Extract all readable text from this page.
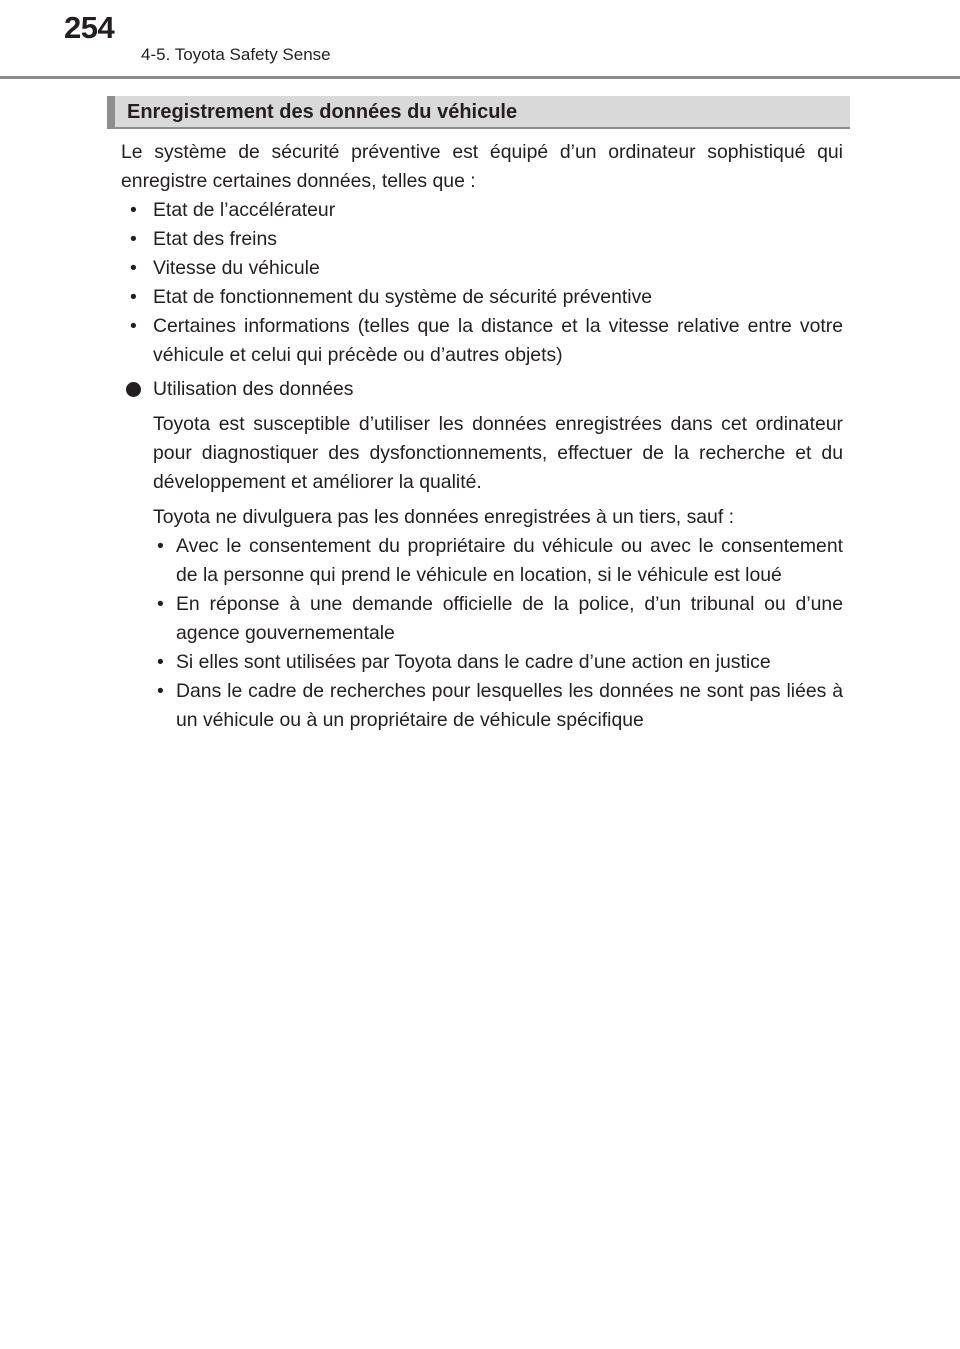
254
4-5. Toyota Safety Sense
Enregistrement des données du véhicule

Le système de sécurité préventive est équipé d’un ordinateur sophistiqué qui enregistre certaines données, telles que :

• Etat de l’accélérateur
• Etat des freins
• Vitesse du véhicule
• Etat de fonctionnement du système de sécurité préventive
• Certaines informations (telles que la distance et la vitesse relative entre votre véhicule et celui qui précède ou d’autres objets)
Utilisation des données

Toyota est susceptible d’utiliser les données enregistrées dans cet ordinateur pour diagnostiquer des dysfonctionnements, effectuer de la recherche et du développement et améliorer la qualité.

Toyota ne divulguera pas les données enregistrées à un tiers, sauf :

• Avec le consentement du propriétaire du véhicule ou avec le consentement de la personne qui prend le véhicule en location, si le véhicule est loué
• En réponse à une demande officielle de la police, d’un tribunal ou d’une agence gouvernementale
• Si elles sont utilisées par Toyota dans le cadre d’une action en justice
• Dans le cadre de recherches pour lesquelles les données ne sont pas liées à un véhicule ou à un propriétaire de véhicule spécifique
